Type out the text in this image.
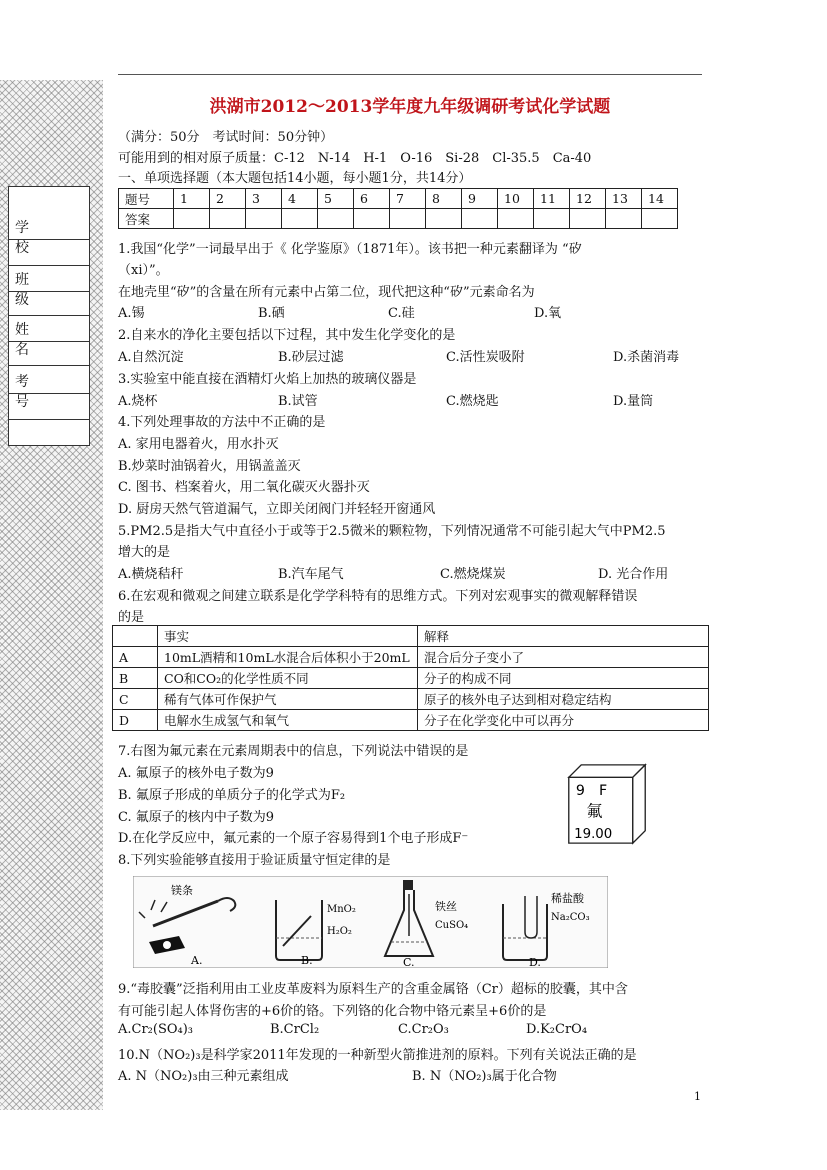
学 校
班 级
姓 名
考 号
洪湖市2012～2013学年度九年级调研考试化学试题
（满分：50分　考试时间：50分钟）
可能用到的相对原子质量：C-12　N-14　H-1　O-16　Si-28　Cl-35.5　Ca-40
一、单项选择题（本大题包括14小题，每小题1分，共14分）
题号	1	2	3	4	5	6	7	8	9	10	11	12	13	14
答案														
1.我国“化学”一词最早出于《 化学鉴原》（1871年）。该书把一种元素翻译为 “矽
（xi）”。
在地壳里“矽”的含量在所有元素中占第二位，现代把这种“矽”元素命名为
A.锡	B.硒	C.硅	D.氧
2.自来水的净化主要包括以下过程，其中发生化学变化的是
A.自然沉淀	B.砂层过滤	C.活性炭吸附	D.杀菌消毒
3.实验室中能直接在酒精灯火焰上加热的玻璃仪器是
A.烧杯	B.试管	C.燃烧匙	D.量筒
4.下列处理事故的方法中不正确的是
A. 家用电器着火，用水扑灭
B.炒菜时油锅着火，用锅盖盖灭
C. 图书、档案着火，用二氧化碳灭火器扑灭
D. 厨房天然气管道漏气，立即关闭阀门并轻轻开窗通风
5.PM2.5是指大气中直径小于或等于2.5微米的颗粒物，下列情况通常不可能引起大气中PM2.5
增大的是
A.横烧秸秆	B.汽车尾气	C.燃烧煤炭	D. 光合作用
6.在宏观和微观之间建立联系是化学学科特有的思维方式。下列对宏观事实的微观解释错误
的是
	事实	解释
A	10mL酒精和10mL水混合后体积小于20mL	混合后分子变小了
B	CO和CO₂的化学性质不同	分子的构成不同
C	稀有气体可作保护气	原子的核外电子达到相对稳定结构
D	电解水生成氢气和氧气	分子在化学变化中可以再分
7.右图为氟元素在元素周期表中的信息，下列说法中错误的是
A. 氟原子的核外电子数为9
B. 氟原子形成的单质分子的化学式为F₂
C. 氟原子的核内中子数为9
D.在化学反应中，氟元素的一个原子容易得到1个电子形成F⁻
9 F
氟
19.00
8.下列实验能够直接用于验证质量守恒定律的是
镁条
A.
MnO₂
H₂O₂
B.
铁丝
CuSO₄
C.
稀盐酸
Na₂CO₃
D.
9.“毒胶囊”泛指利用由工业皮革废料为原料生产的含重金属铬（Cr）超标的胶囊，其中含
有可能引起人体肾伤害的+6价的铬。下列铬的化合物中铬元素呈+6价的是
A.Cr₂(SO₄)₃	B.CrCl₂	C.Cr₂O₃	D.K₂CrO₄
10.N（NO₂)₃是科学家2011年发现的一种新型火箭推进剂的原料。下列有关说法正确的是
A. N（NO₂)₃由三种元素组成	B. N（NO₂)₃属于化合物
1
